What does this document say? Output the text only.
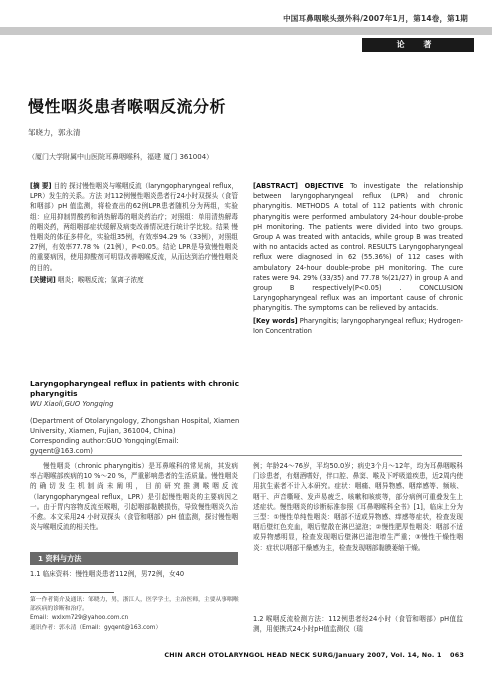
中国耳鼻咽喉头颈外科/2007年1月，第14卷，第1期
论 著
慢性咽炎患者喉咽反流分析
邹晓力，郭永清
（厦门大学附属中山医院耳鼻咽喉科，福建 厦门 361004）

[摘 要] 目的 探讨慢性咽炎与喉咽反流（laryngopharyngeal reflux，LPR）发生的关系。方法 对112例慢性咽炎患者行24小时双探头（食管和咽部）pH 值监测，将检查出的62例LPR患者随机分为两组，实验组：应用抑制胃酸药和消热解毒的咽炎药治疗；对照组：单用清热解毒的咽炎药，两组咽部症状缓解及病变改善情况进行统计学比较。结果 慢性咽炎的体征多样化，实验组35例，有效率94.29 %（33例），对照组27例，有效率77.78 %（21例），P<0.05。结论 LPR是导致慢性咽炎的重要病因，使用抑酸剂可明显改善咽喉反流，从而达到治疗慢性咽炎的目的。

[关键词] 咽炎；喉咽反流；氢离子浓度

Laryngopharyngeal reflux in patients with chronic pharyngitis
WU Xiaoli,GUO Yongqing
(Department of Otolaryngology, Zhongshan Hospital, Xiamen University, Xiamen, Fujian, 361004, China)
Corresponding author:GUO Yongqing(Email: gyqent@163.com)

[ABSTRACT] OBJECTIVE To investigate the relationship between laryngopharyngeal reflux (LPR) and chronic pharyngitis. METHODS A total of 112 patients with chronic pharyngitis were performed ambulatory 24-hour double-probe pH monitoring. The patients were divided into two groups. Group A was treated with antacids, while group B was treated with no antacids acted as control. RESULTS Laryngopharyngeal reflux were diagnosed in 62 (55.36%) of 112 cases with ambulatory 24-hour double-probe pH monitoring. The cure rates were 94. 29% (33/35) and 77.78 %(21/27) in group A and group B respectively(P<0.05) . CONCLUSION Laryngopharyngeal reflux was an important cause of chronic pharyngitis. The symptoms can be relieved by antacids.

[Key words] Pharyngitis; laryngopharyngeal reflux; Hydrogen-Ion Concentration

慢性咽炎（chronic pharyngitis）是耳鼻喉科的常见病，其发病率占咽喉部疾病的10 %～20 %，严重影响患者的生活质量。慢性咽炎的确切发生机制尚未阐明，目前研究推测喉咽反流（laryngopharyngeal reflux，LPR）是引起慢性咽炎的主要病因之一。由于胃内容物反流至喉咽，引起咽部黏膜损伤，导致慢性咽炎久治不愈。本文采用24 小时双探头（食管和咽部）pH 值监测，探讨慢性咽炎与喉咽反流的相关性。
1 资料与方法
1.1 临床资料：慢性咽炎患者112例，男72例，女40
第一作者简介及通讯：邹晓力，男，浙江人，医学学士，主治医师，主要从事咽喉部疾病的诊断和治疗。
Email：wxlxm729@yahoo.com.cn
通讯作者：郭永清（Email：gyqent@163.com）
例；年龄24～76岁，平均50.0岁；病史3个月～12年，均为耳鼻咽喉科门诊患者，有烟酒嗜好，伴口腔、鼻窦、喉及下呼吸道疾患，近2周内使用抗生素者不计入本研究。症状：咽痛、咽异物感、咽痒感等、频咳、咽干、声音嘶哑、发声易疲乏、咳嗽和咳痰等，部分病例可重叠发生上述症状。慢性咽炎的诊断标准参照《耳鼻咽喉科全书》[1]，临床上分为三型：①慢性单纯性咽炎：咽部不适或异物感、痒感等症状，检查发现咽后壁红色充血，咽后壁散在淋巴滤泡；②慢性肥厚性咽炎：咽部不适或异物感明显，检查发现咽后壁淋巴滤泡增生严重；③慢性干燥性咽炎：症状以咽部干燥感为主，检查发现咽部黏膜萎缩干燥。
1.2 喉咽反流检测方法：112例患者经24小时（食管和咽部）pH值监测，用便携式24小时pH值监测仪（瑞
CHIN ARCH OTOLARYNGOL HEAD NECK SURG/January 2007, Vol. 14, No. 1 063
